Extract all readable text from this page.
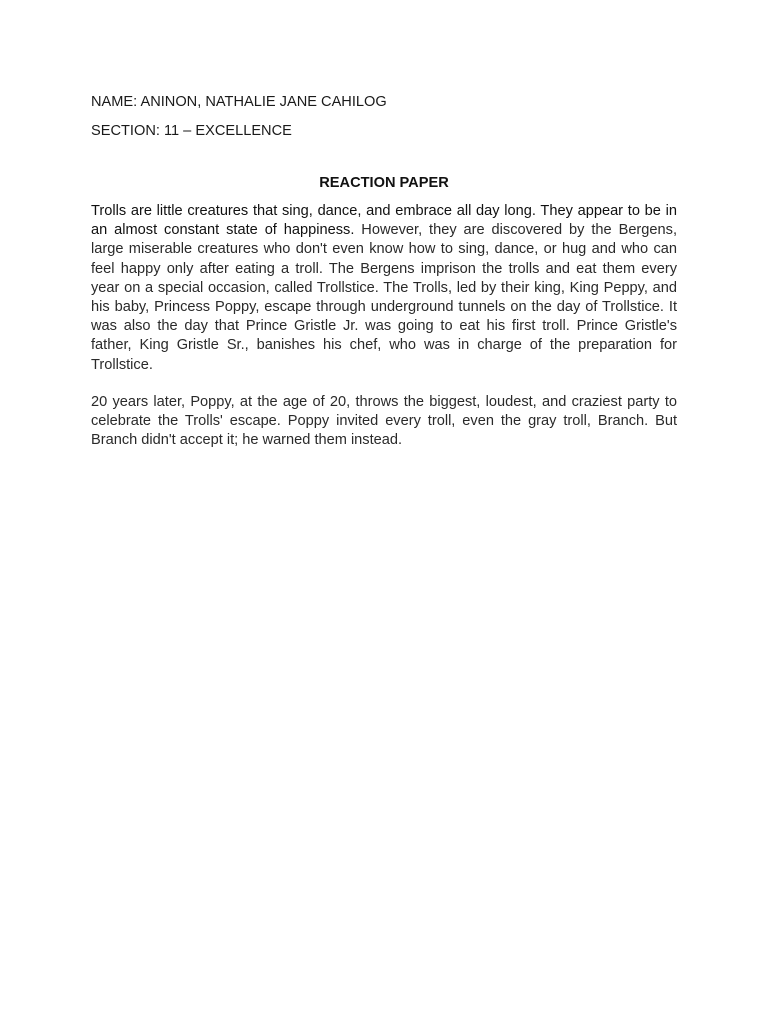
NAME: ANINON, NATHALIE JANE CAHILOG

SECTION: 11 – EXCELLENCE

REACTION PAPER

Trolls are little creatures that sing, dance, and embrace all day long. They appear to be in an almost constant state of happiness. However, they are discovered by the Bergens, large miserable creatures who don't even know how to sing, dance, or hug and who can feel happy only after eating a troll. The Bergens imprison the trolls and eat them every year on a special occasion, called Trollstice. The Trolls, led by their king, King Peppy, and his baby, Princess Poppy, escape through underground tunnels on the day of Trollstice. It was also the day that Prince Gristle Jr. was going to eat his first troll. Prince Gristle's father, King Gristle Sr., banishes his chef, who was in charge of the preparation for Trollstice.

20 years later, Poppy, at the age of 20, throws the biggest, loudest, and craziest party to celebrate the Trolls' escape. Poppy invited every troll, even the gray troll, Branch. But Branch didn't accept it; he warned them instead.
